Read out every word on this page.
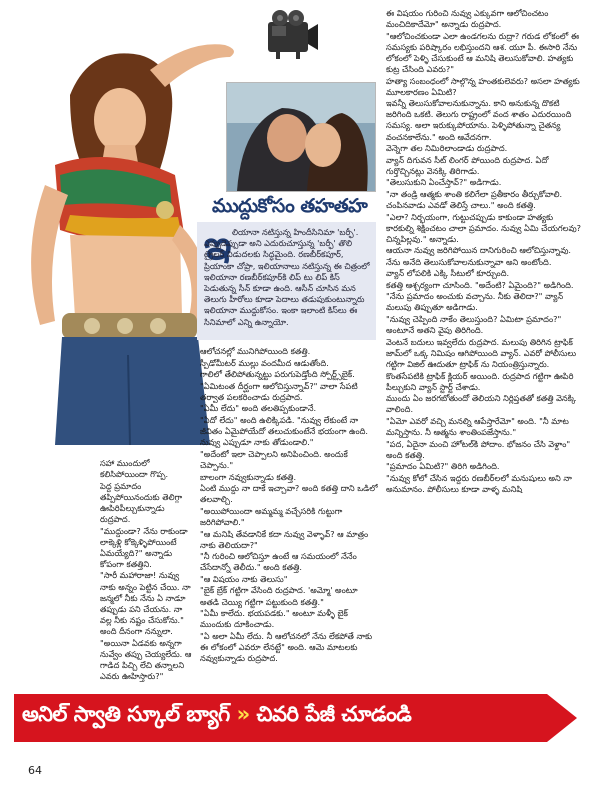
ముద్దుకోసం తహతహ
ఇ లియానా నటిస్తున్న హిందీసినిమా 'బర్ఫీ'. ఎప్పుడెప్పుడా అని ఎదురుచూస్తున్న 'బర్ఫీ' తొలి ట్రైలర్ విడుదలకు సిద్ధమైంది. రణబీర్‌కపూర్, ప్రియాంకా చోప్రా, ఇలియానాలు నటిస్తున్న ఈ చిత్రంలో ఇలియానా రణబీర్‌కపూర్‌కి లిప్ టు లిప్ కిస్ పెడుతున్న సీన్ కూడా ఉంది. ఆసీన్ చూసిన మన తెలుగు హీరోలు కూడా పెదాలు తడుపుకుంటున్నారు ఇలియానా ముద్దుకోసం. ఇంకా ఇలాంటి కిస్‌లు ఈ సినిమాలో ఎన్ని ఉన్నాయో.

సహా ముందులో కలిసిపోయిందా గొప్ప.

పెద్ద ప్రమాదం తప్పిపోయినందుకు తెలిగ్గా ఊపిరిపీల్చుకున్నాడు రుద్రపాద.

"ముద్దుండా? నేను రాకుండా లాక్కెళ్లి కోక్కెళ్ళిపోయింటే ఏమయ్యేది?" అన్నాడు కోపంగా కతత్తిని.

"సారీ మహారాజా! నువ్వు నాకు అన్నం పెట్టిన చేయి. నా జన్మలో నీకు నేను ఏ నాడూ తప్పుడు పని చేయను. నా వల్ల నీకు నష్టం చేసుకోను." అంది దీనంగా నన్నులా.

"అయినా ఏడవకు అన్నగా నువ్వేం తప్పు చెయ్యలేదు. ఆ గాడిద పిచ్చి లేచి తన్నాలని ఎవరు ఊహిస్తారు?"

ఆలోచనల్లో మునిగిపోయింది కతత్తి.

స్పీడోమీటర్ ముల్లు వందమీద ఆడుతోంది.

గాలిలో తేలిపోతున్నట్టు పరుగుపెడ్తోంది స్పోర్ట్స్‌బైక్.

"ఏమిటంత దీర్ఘంగా ఆలోచిస్తున్నావ్?" వాలా సేపటి తర్వాత పలకరించాడు రుద్రపాద.

"ఏమీ లేదు" అంది తలతిప్పకుండానే.

"ఏదో లేదు" అంది ఉలిక్కిపడి. "నువ్వు లేకుంటే నా జీవితం ఏమైపోయేదో తలుచుకుంటేనే భయంగా ఉంది. నువ్వు ఎప్పుడూ నాకు తోడుండాలి."

"అదేంటో ఇలా చెప్పాలని అనిపించింది. అందుకే చెప్పాను."

బాలంగా నవ్వుకున్నాడు కతత్తి.

ఏంటి ముద్దు నా దాకే ఇచ్చావా? అంది కతత్తి దాని ఒడిలో తలవాల్చి.

"అయిపోయిందా అమ్మమ్మ వచ్చేసరికి గుట్టుగా జరిగిపోవాలి."

"ఆ మనిషి తేవడానికే కదా నువ్వు వెళ్ళావ్? ఆ మాత్రం నాకు తెలియదా?"

"నీ గురించి ఆలోచిస్తూ ఉంటే ఆ సమయంలో నేనేం చేసేదాన్నో తెలీదు." అంది కతత్తి.

"ఆ విషయం నాకు తెలుసు"

"బైక్ బ్రేక్ గట్టిగా వేసింది రుద్రపాద. 'అమ్మో' అంటూ అతడి చెయ్యి గట్టిగా పట్టుకుంది కతత్తి."

"ఏమీ కాలేదు. భయపడకు." అంటూ మళ్ళీ బైక్ ముందుకు దూకించాడు.

"ఏ అలా ఏమీ లేదు. నీ ఆలోచనలో నేను లేకపోతే నాకు ఈ లోకంలో ఎవరూ లేనట్టే" అంది. ఆమె మాటలకు నవ్వుకున్నాడు రుద్రపాద.

ఈ విషయం గురించి నువ్వు ఎక్కువగా ఆలోచించటం మంచిదికాదేమో" అన్నాడు రుద్రపాద.

"ఆలోచించకుండా ఎలా ఉండగలను రుద్రా? గరుడ లోకంలో ఈ సమస్యకు పరిష్కారం లభిస్తుందని ఆశ. యూ పీ. ఈసారి నేను లోకంలో పెళ్ళి చేసుకుంటే ఆ మనిషి తెలుసుకోవాలి. హత్యకు కుట్ర చేసింది ఎవరు?"

హత్యా సంబంధంలో సాల్గొన్న హంతకులెవరు? అసలా హత్యకు మూలకారణం ఏమిటి?

ఇవన్నీ తెలుసుకోవాలనుకున్నాను. కాని అనుకున్న దొకటి జరిగింది ఒకటి. తెలుగు రాష్ట్రంలో వంద శాతం ఎదురయింది సమస్య. అలా ఇరుక్కుపోయాను. పెళ్ళిపోతున్నా చైతన్య వంచనకాలేను." అంది ఆవేదనగా.

వెన్నెగా తల నిమిరిలాండాడు రుద్రపాద.

వ్యాన్ దిగువన సీట్ లింగర్ పోయింది రుద్రపాద. ఏదో గుర్తొచ్చినట్లు వెనక్కి తిరిగాడు.

"తెలుసుకుని ఏంచేస్తావ్?" అడిగాడు.

"నా తండ్రి ఆత్మకు శాంతి కలిగేలా ప్రతీకారం తీర్చుకోవాలి. చంపినవాడు ఎవడో తెలిస్తే చాలు." అంది కతత్తి.

"ఎలా? నిర్భయంగా, గుట్టుచప్పుడు కాకుండా హత్యకు కారకుల్ని శిక్షించటం చాలా ప్రమాదం. నువ్వు ఏమి చేయగలవు? చిన్నపిల్లవు." అన్నాడు.

ఆయనా నువ్వు జరిగిపోయిన దానిగురించి ఆలోచిస్తున్నావు. నేను అనేది తెలుసుకోవాలనుకున్నావా అని అంటోంది.

వ్యాన్ లోపలికి ఎక్కి సీటులో కూర్చుంది.

కతత్తి ఆశ్చర్యంగా చూసింది. "అదేంటి? ఏమైంది?" అడిగింది.

"నేను ప్రమాదం అంచుకు వచ్చాను. నీకు తెలిదా?" వ్యాన్ మలుపు తిప్పుతూ అడిగాడు.

"నువ్వు చెప్పింది నాకేం తెలుస్తుంది? ఏమిటా ప్రమాదం?" అంటూనే అతని వైపు తిరిగింది.

వెంటనే బదులు ఇవ్వలేదు రుద్రపాద. మలుపు తిరిగిన ట్రాఫిక్ జామ్‌లో ఒక్క నిమిషం ఆగిపోయింది వ్యాన్. ఎవరో పోలీసులు గట్టిగా విజిల్ ఊదుతూ ట్రాఫిక్ ను నియంత్రిస్తున్నారు.

కొంతసేపటికి ట్రాఫిక్ క్లియర్ అయింది. రుద్రపాద గట్టిగా ఊపిరి పీల్చుకుని వ్యాన్ స్టార్ట్ చేశాడు.

ముందు ఏం జరగబోతుందో తెలియని నిర్లిప్తతతో కతత్తి వెనక్కి వాలింది.

"ఏమో ఎవరో వచ్చి మనల్ని ఆపేస్తారేమో" అంది. "నీ మాట మన్నిస్తాను. నీ ఆత్మను శాంతింపజేస్తాను."

"పద, ఏదైనా మంచి హోటల్‌కి పోదాం. భోజనం చేసి వెళ్దాం" అంది కతత్తి.

"ప్రమాదం ఏమిటి?" తిరిగి అడిగింది.

"నువ్వు కోలో చేసిన ఇద్దరు రణబీర్‌లలో మనుషులు అని నా అనుమానం. పోలీసులు కూడా వాళ్ళ మనిషి

అనిల్ స్వాతి స్కూల్ బ్యాగ్ » చివరి పేజీ చూడండి
64
